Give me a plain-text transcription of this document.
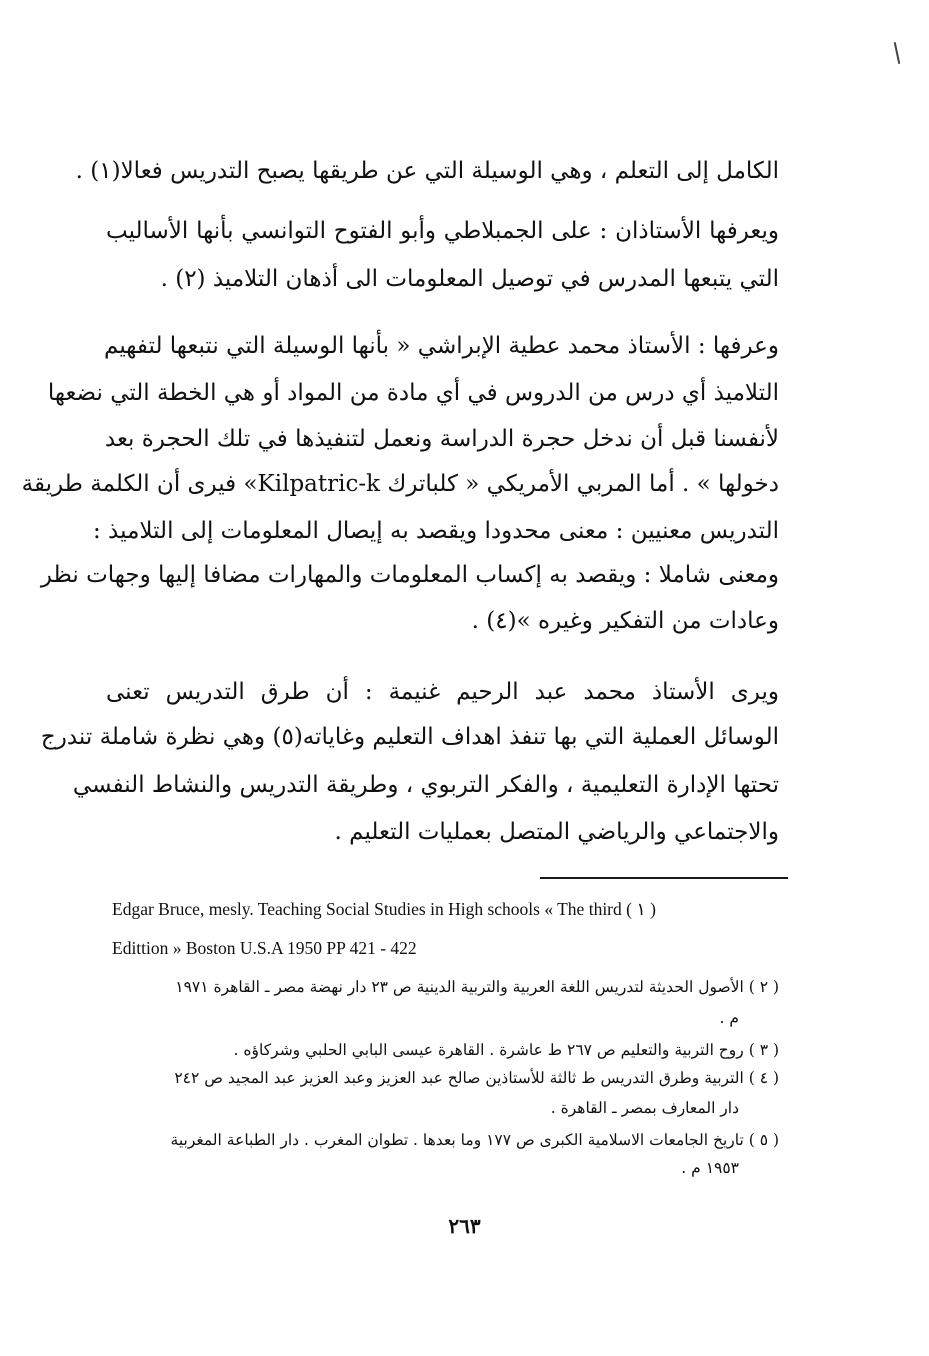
الكامل إلى التعلم ، وهي الوسيلة التي عن طريقها يصبح التدريس فعالا(١) .
ويعرفها الأستاذان : على الجمبلاطي وأبو الفتوح التوانسي بأنها الأساليب
التي يتبعها المدرس في توصيل المعلومات الى أذهان التلاميذ (٢) .
وعرفها : الأستاذ محمد عطية الإبراشي « بأنها الوسيلة التي نتبعها لتفهيم
التلاميذ أي درس من الدروس في أي مادة من المواد أو هي الخطة التي نضعها
لأنفسنا قبل أن ندخل حجرة الدراسة ونعمل لتنفيذها في تلك الحجرة بعد
دخولها » . أما المربي الأمريكي « كلباترك Kilpatric-k» فيرى أن الكلمة طريقة
التدريس معنيين : معنى محدودا ويقصد به إيصال المعلومات إلى التلاميذ :
ومعنى شاملا : ويقصد به إكساب المعلومات والمهارات مضافا إليها وجهات نظر
وعادات من التفكير وغيره »(٤) .
ويرى الأستاذ محمد عبد الرحيم غنيمة : أن طرق التدريس تعنى
الوسائل العملية التي بها تنفذ اهداف التعليم وغاياته(٥) وهي نظرة شاملة تندرج
تحتها الإدارة التعليمية ، والفكر التربوي ، وطريقة التدريس والنشاط النفسي
والاجتماعي والرياضي المتصل بعمليات التعليم .
Edgar Bruce, mesly. Teaching Social Studies in High schools « The third ( ١ )
Edittion » Boston U.S.A 1950 PP 421 - 422
( ٢ ) الأصول الحديثة لتدريس اللغة العربية والتربية الدينية ص ٢٣ دار نهضة مصر ـ القاهرة ١٩٧١
م .
( ٣ ) روح التربية والتعليم ص ٢٦٧ ط عاشرة . القاهرة عيسى البابي الحلبي وشركاؤه .
( ٤ ) التربية وطرق التدريس ط ثالثة للأستاذين صالح عبد العزيز وعبد العزيز عبد المجيد ص ٢٤٢
دار المعارف بمصر ـ القاهرة .
( ٥ ) تاريخ الجامعات الاسلامية الكبرى ص ١٧٧ وما بعدها . تطوان المغرب . دار الطباعة المغربية
١٩٥٣ م .
٢٦٣
